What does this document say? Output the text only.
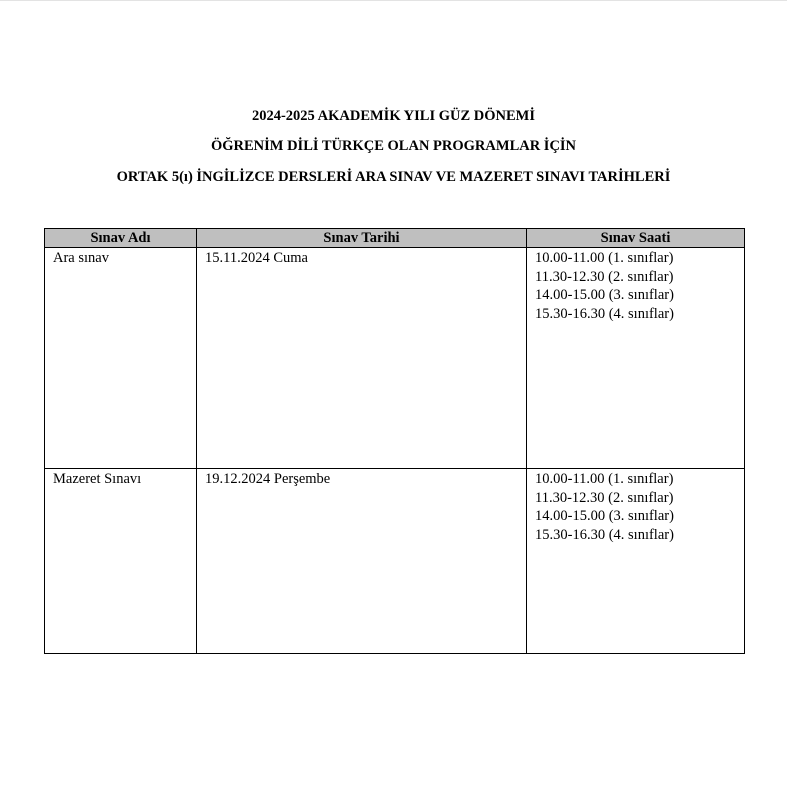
2024-2025 AKADEMİK YILI GÜZ DÖNEMİ
ÖĞRENİM DİLİ TÜRKÇE OLAN PROGRAMLAR İÇİN
ORTAK 5(ı) İNGİLİZCE DERSLERİ ARA SINAV VE MAZERET SINAVI TARİHLERİ
Sınav Adı	Sınav Tarihi	Sınav Saati
Ara sınav	15.11.2024 Cuma	10.00-11.00 (1. sınıflar)
11.30-12.30 (2. sınıflar)
14.00-15.00 (3. sınıflar)
15.30-16.30 (4. sınıflar)

Mazeret Sınavı	19.12.2024 Perşembe	10.00-11.00 (1. sınıflar)
11.30-12.30 (2. sınıflar)
14.00-15.00 (3. sınıflar)
15.30-16.30 (4. sınıflar)
